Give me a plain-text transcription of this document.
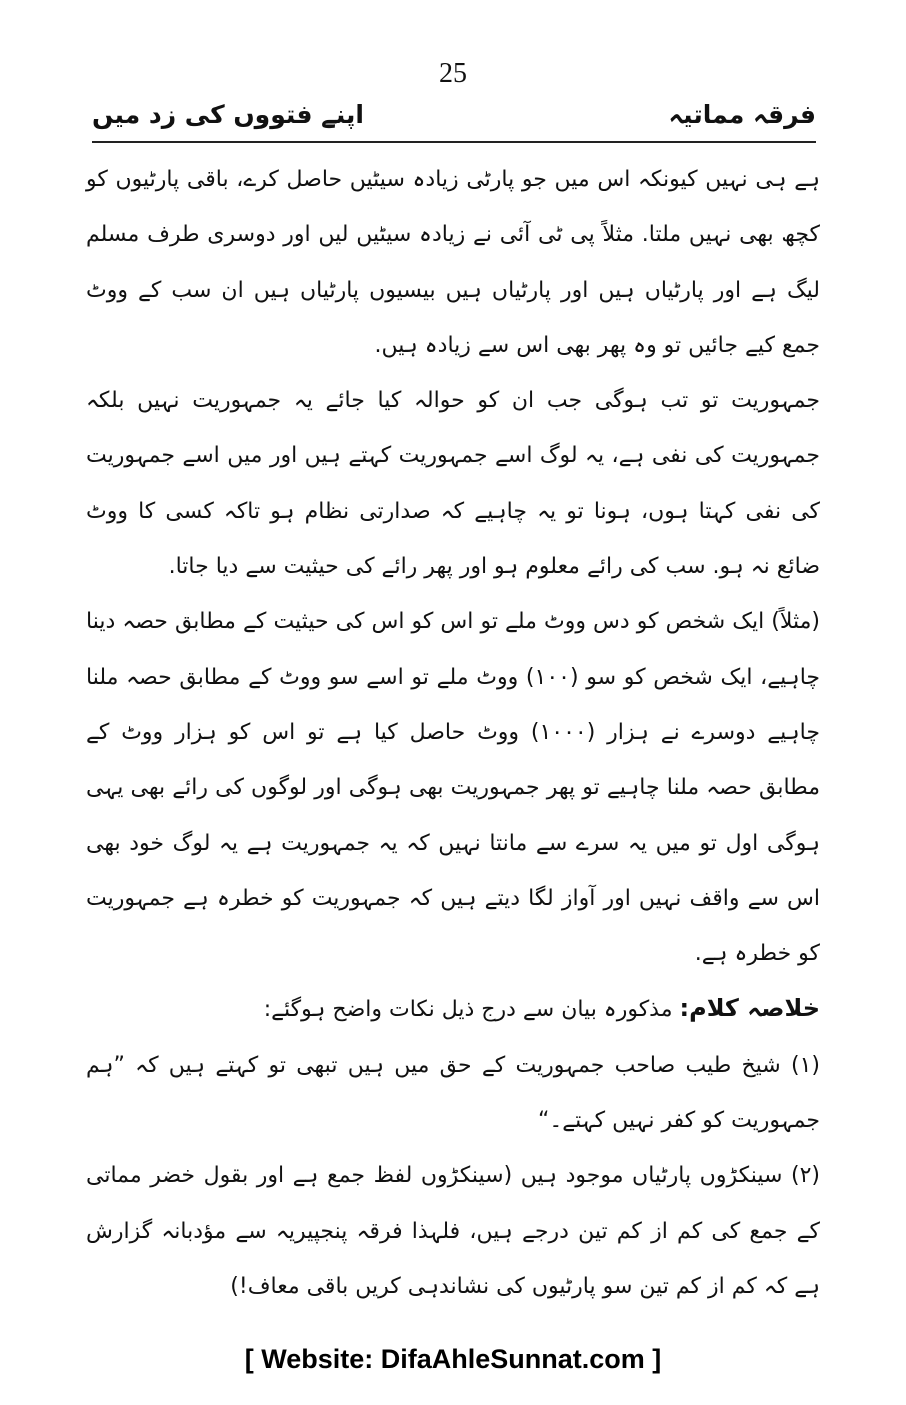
25
فرقہ مماتیہ
اپنے فتووں کی زد میں

ہے ہی نہیں کیونکہ اس میں جو پارٹی زیادہ سیٹیں حاصل کرے، باقی پارٹیوں کو کچھ بھی نہیں ملتا. مثلاً پی ٹی آئی نے زیادہ سیٹیں لیں اور دوسری طرف مسلم لیگ ہے اور پارٹیاں ہیں اور پارٹیاں ہیں بیسیوں پارٹیاں ہیں ان سب کے ووٹ جمع کیے جائیں تو وہ پھر بھی اس سے زیادہ ہیں.

جمہوریت تو تب ہوگی جب ان کو حوالہ کیا جائے یہ جمہوریت نہیں بلکہ جمہوریت کی نفی ہے، یہ لوگ اسے جمہوریت کہتے ہیں اور میں اسے جمہوریت کی نفی کہتا ہوں، ہونا تو یہ چاہیے کہ صدارتی نظام ہو تاکہ کسی کا ووٹ ضائع نہ ہو. سب کی رائے معلوم ہو اور پھر رائے کی حیثیت سے دیا جاتا.

(مثلاً) ایک شخص کو دس ووٹ ملے تو اس کو اس کی حیثیت کے مطابق حصہ دینا چاہیے، ایک شخص کو سو (۱۰۰) ووٹ ملے تو اسے سو ووٹ کے مطابق حصہ ملنا چاہیے دوسرے نے ہزار (۱۰۰۰) ووٹ حاصل کیا ہے تو اس کو ہزار ووٹ کے مطابق حصہ ملنا چاہیے تو پھر جمہوریت بھی ہوگی اور لوگوں کی رائے بھی یہی ہوگی اول تو میں یہ سرے سے مانتا نہیں کہ یہ جمہوریت ہے یہ لوگ خود بھی اس سے واقف نہیں اور آواز لگا دیتے ہیں کہ جمہوریت کو خطرہ ہے جمہوریت کو خطرہ ہے.

خلاصہ کلام: مذکورہ بیان سے درج ذیل نکات واضح ہوگئے:

(۱) شیخ طیب صاحب جمہوریت کے حق میں ہیں تبھی تو کہتے ہیں کہ ”ہم جمہوریت کو کفر نہیں کہتے۔“

(۲) سینکڑوں پارٹیاں موجود ہیں (سینکڑوں لفظ جمع ہے اور بقول خضر مماتی کے جمع کی کم از کم تین درجے ہیں، فلہذا فرقہ پنجپیریہ سے مؤدبانہ گزارش ہے کہ کم از کم تین سو پارٹیوں کی نشاندہی کریں باقی معاف!)

[ Website: DifaAhleSunnat.com ]
